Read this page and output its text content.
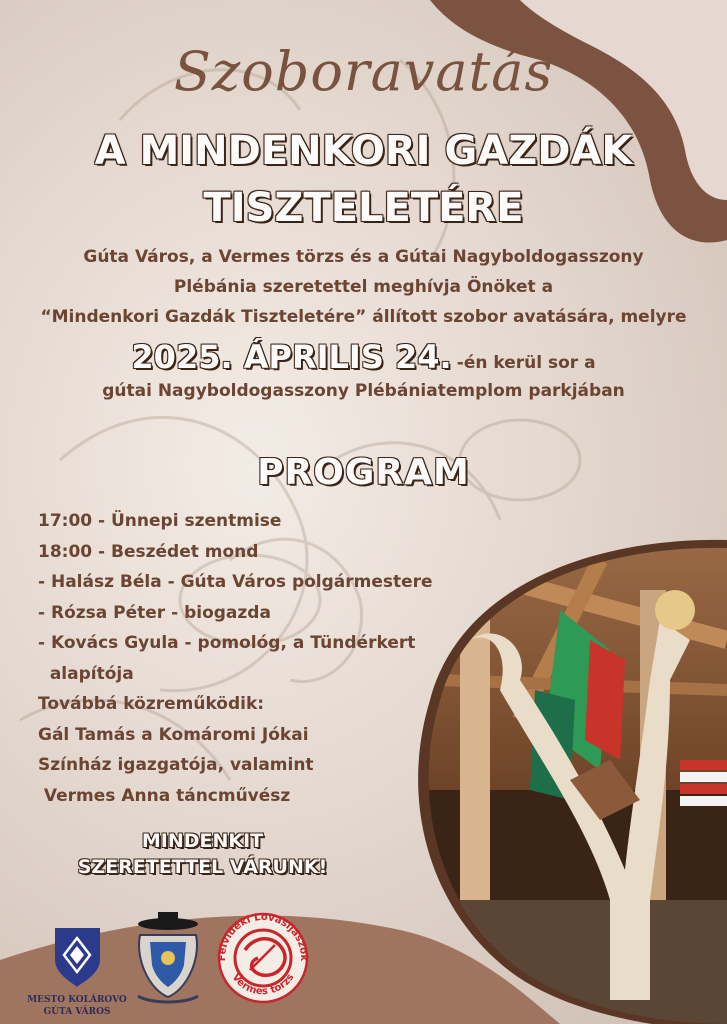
Szoboravatás
A MINDENKORI GAZDÁK
TISZTELETÉRE
Gúta Város, a Vermes törzs és a Gútai Nagyboldogasszony
Plébánia szeretettel meghívja Önöket a
“Mindenkori Gazdák Tiszteletére” állított szobor avatására, melyre
2025. ÁPRILIS 24. -én kerül sor a
gútai Nagyboldogasszony Plébániatemplom parkjában
PROGRAM
17:00 - Ünnepi szentmise
18:00 - Beszédet mond
- Halász Béla - Gúta Város polgármestere
- Rózsa Péter - biogazda
- Kovács Gyula - pomológ, a Tündérkert
alapítója
Továbbá közreműködik:
Gál Tamás a Komáromi Jókai
Színház igazgatója, valamint
Vermes Anna táncművész
MINDENKIT
SZERETETTEL VÁRUNK!
MESTO KOLÁROVO
GÚTA VÁROS
Felvidéki Lovasíjászok
Vermes törzs
